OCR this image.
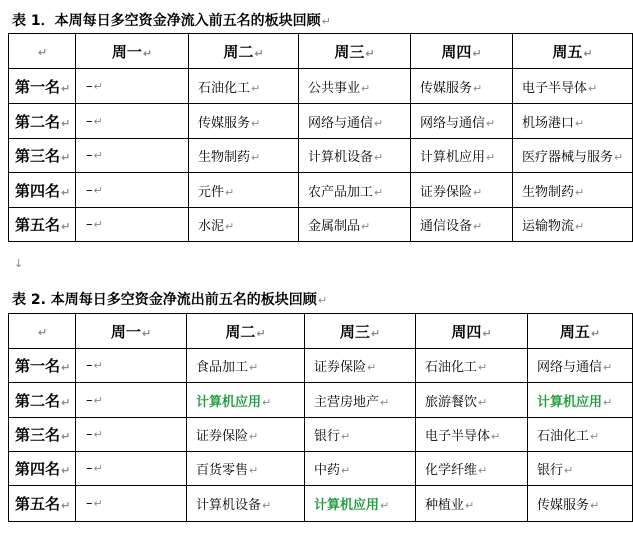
表 1．本周每日多空资金净流入前五名的板块回顾↵
↵	周一↵	周二↵	周三↵	周四↵	周五↵
第一名↵	–↵	石油化工↵	公共事业↵	传媒服务↵	电子半导体↵
第二名↵	–↵	传媒服务↵	网络与通信↵	网络与通信↵	机场港口↵
第三名↵	–↵	生物制药↵	计算机设备↵	计算机应用↵	医疗器械与服务↵
第四名↵	–↵	元件↵	农产品加工↵	证券保险↵	生物制药↵
第五名↵	–↵	水泥↵	金属制品↵	通信设备↵	运输物流↵
↓
表 2. 本周每日多空资金净流出前五名的板块回顾↵
↵	周一↵	周二↵	周三↵	周四↵	周五↵
第一名↵	–↵	食品加工↵	证券保险↵	石油化工↵	网络与通信↵
第二名↵	–↵	计算机应用↵	主营房地产↵	旅游餐饮↵	计算机应用↵
第三名↵	–↵	证券保险↵	银行↵	电子半导体↵	石油化工↵
第四名↵	–↵	百货零售↵	中药↵	化学纤维↵	银行↵
第五名↵	–↵	计算机设备↵	计算机应用↵	种植业↵	传媒服务↵
